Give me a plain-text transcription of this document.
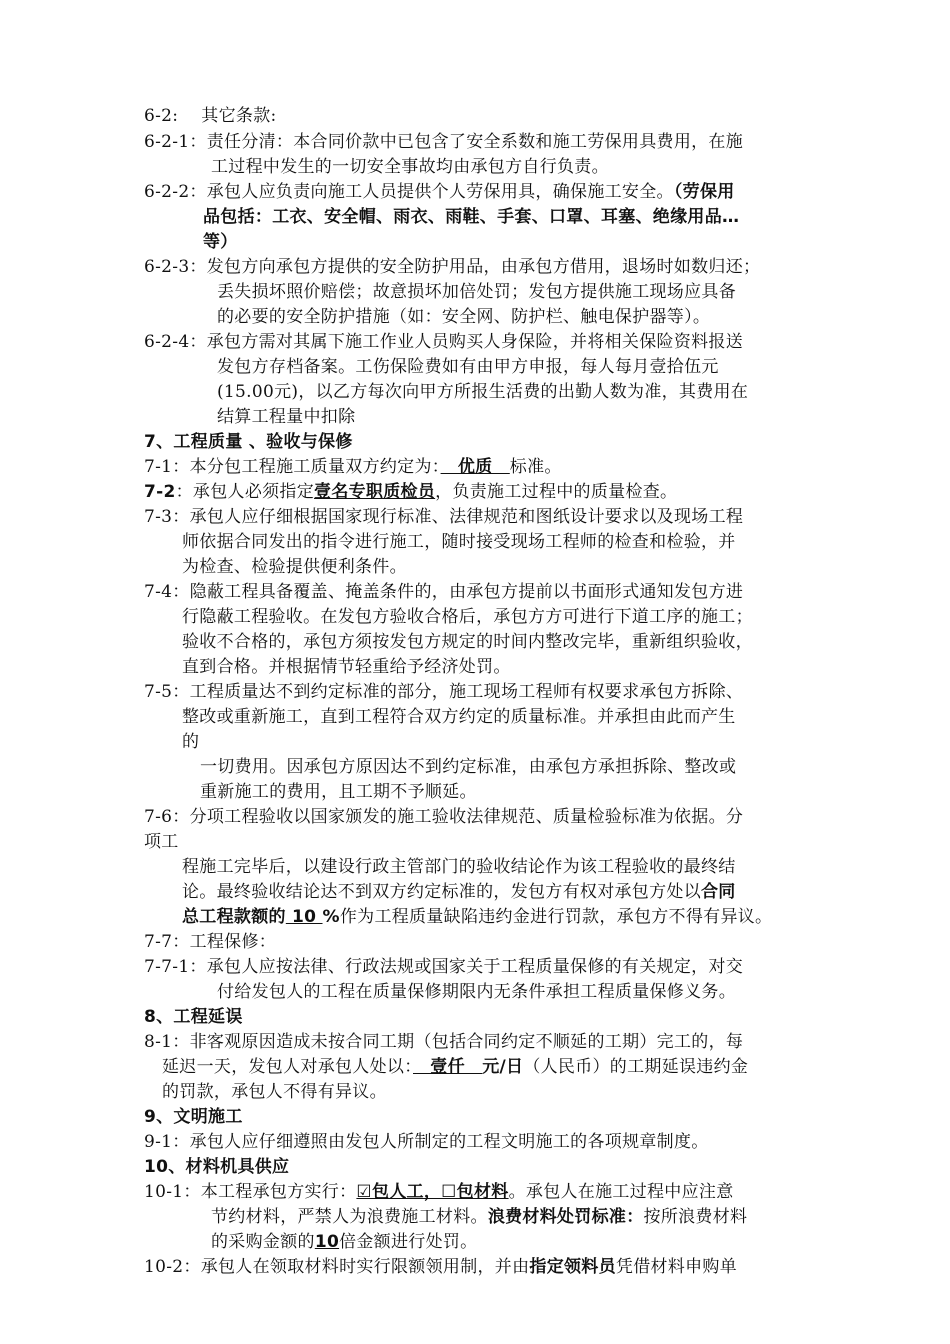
6-2:　 其它条款:
6-2-1：责任分清：本合同价款中已包含了安全系数和施工劳保用具费用，在施
工过程中发生的一切安全事故均由承包方自行负责。
6-2-2：承包人应负责向施工人员提供个人劳保用具，确保施工安全。（劳保用
品包括：工衣、安全帽、雨衣、雨鞋、手套、口罩、耳塞、绝缘用品…
等）
6-2-3：发包方向承包方提供的安全防护用品，由承包方借用，退场时如数归还；
丢失损坏照价赔偿；故意损坏加倍处罚；发包方提供施工现场应具备
的必要的安全防护措施（如：安全网、防护栏、触电保护器等）。
6-2-4：承包方需对其属下施工作业人员购买人身保险，并将相关保险资料报送
发包方存档备案。工伤保险费如有由甲方申报，每人每月壹拾伍元
(15.00元)，以乙方每次向甲方所报生活费的出勤人数为准，其费用在
结算工程量中扣除
7、工程质量 、验收与保修
7-1：本分包工程施工质量双方约定为：　优质　标准。
7-2：承包人必须指定壹名专职质检员，负责施工过程中的质量检查。
7-3：承包人应仔细根据国家现行标准、法律规范和图纸设计要求以及现场工程
师依据合同发出的指令进行施工，随时接受现场工程师的检查和检验，并
为检查、检验提供便利条件。
7-4：隐蔽工程具备覆盖、掩盖条件的，由承包方提前以书面形式通知发包方进
行隐蔽工程验收。在发包方验收合格后，承包方方可进行下道工序的施工；
验收不合格的，承包方须按发包方规定的时间内整改完毕，重新组织验收，
直到合格。并根据情节轻重给予经济处罚。
7-5：工程质量达不到约定标准的部分，施工现场工程师有权要求承包方拆除、
整改或重新施工，直到工程符合双方约定的质量标准。并承担由此而产生
的
一切费用。因承包方原因达不到约定标准，由承包方承担拆除、整改或
重新施工的费用，且工期不予顺延。
7-6：分项工程验收以国家颁发的施工验收法律规范、质量检验标准为依据。分
项工
程施工完毕后，以建设行政主管部门的验收结论作为该工程验收的最终结
论。最终验收结论达不到双方约定标准的，发包方有权对承包方处以合同
总工程款额的 10 %作为工程质量缺陷违约金进行罚款，承包方不得有异议。
7-7：工程保修：
7-7-1：承包人应按法律、行政法规或国家关于工程质量保修的有关规定，对交
付给发包人的工程在质量保修期限内无条件承担工程质量保修义务。
8、工程延误
8-1：非客观原因造成未按合同工期（包括合同约定不顺延的工期）完工的，每
延迟一天，发包人对承包人处以：　壹仟　元/日（人民币）的工期延误违约金
的罚款，承包人不得有异议。
9、文明施工
9-1：承包人应仔细遵照由发包人所制定的工程文明施工的各项规章制度。
10、材料机具供应
10-1：本工程承包方实行：☑包人工，☐包材料。承包人在施工过程中应注意
节约材料，严禁人为浪费施工材料。浪费材料处罚标准：按所浪费材料
的采购金额的10倍金额进行处罚。
10-2：承包人在领取材料时实行限额领用制，并由指定领料员凭借材料申购单
